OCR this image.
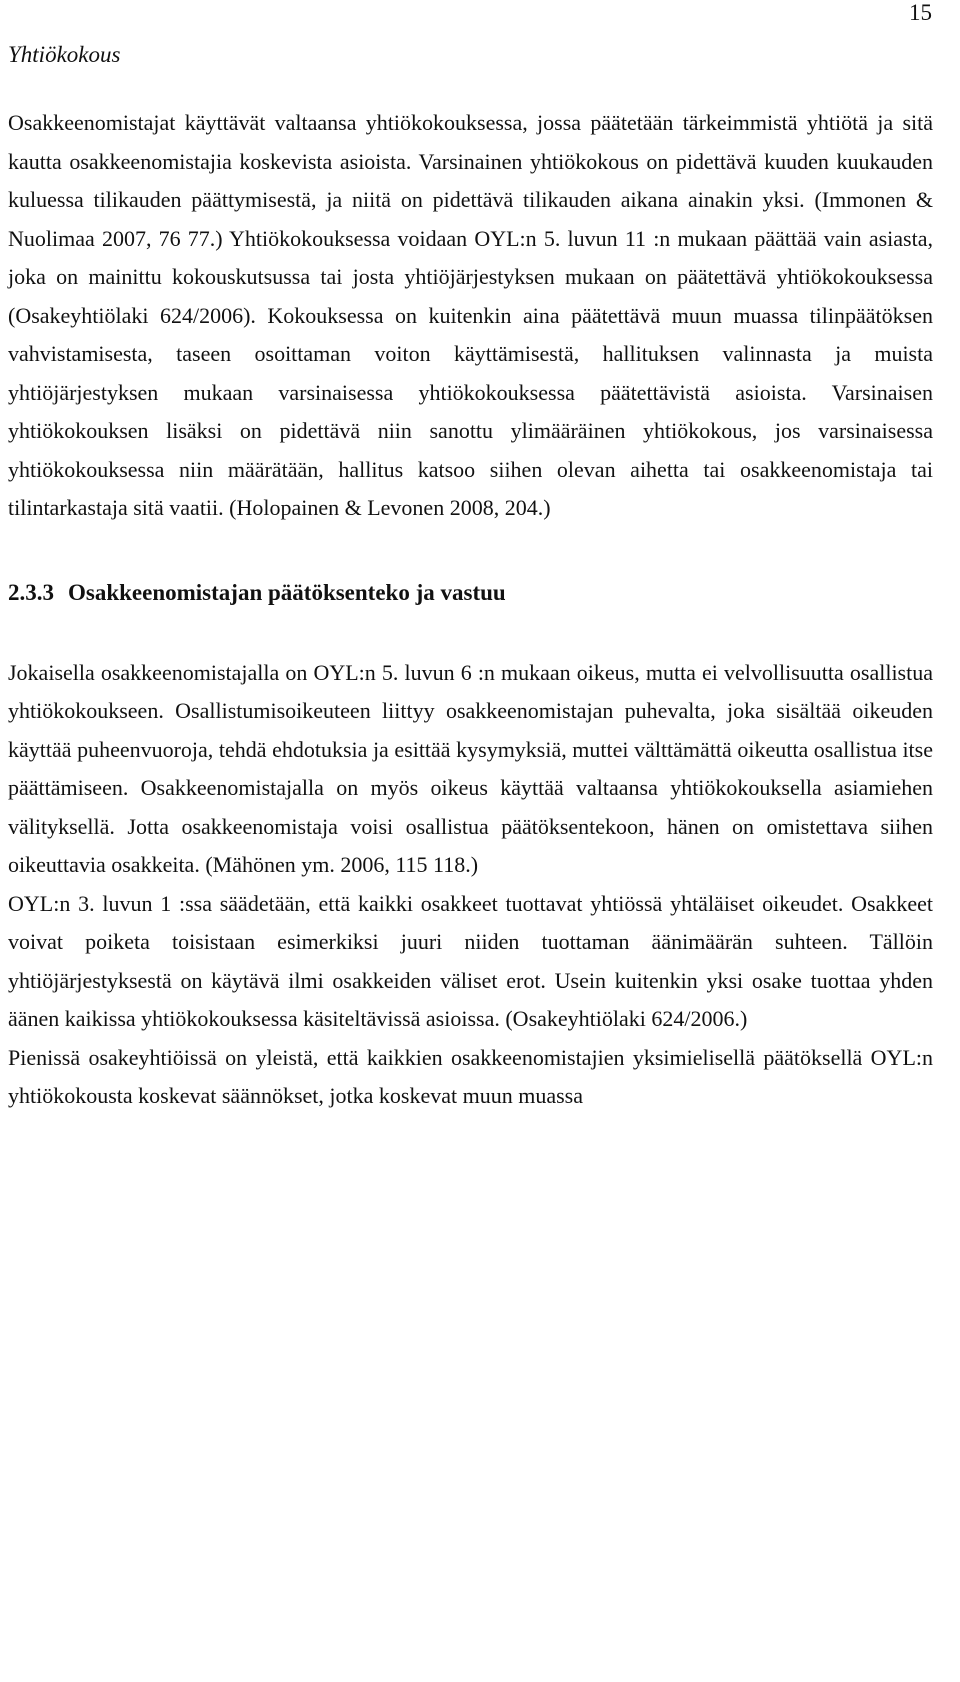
15
Yhtiökokous

Osakkeenomistajat käyttävät valtaansa yhtiökokouksessa, jossa päätetään tärkeimmistä yhtiötä ja sitä kautta osakkeenomistajia koskevista asioista. Varsinainen yhtiökokous on pidettävä kuuden kuukauden kuluessa tilikauden päättymisestä, ja niitä on pidettävä tilikauden aikana ainakin yksi. (Immonen & Nuolimaa 2007, 76 77.) Yhtiökokouksessa voidaan OYL:n 5. luvun 11 :n mukaan päättää vain asiasta, joka on mainittu kokouskutsussa tai josta yhtiöjärjestyksen mukaan on päätettävä yhtiökokouksessa (Osakeyhtiölaki 624/2006). Kokouksessa on kuitenkin aina päätettävä muun muassa tilinpäätöksen vahvistamisesta, taseen osoittaman voiton käyttämisestä, hallituksen valinnasta ja muista yhtiöjärjestyksen mukaan varsinaisessa yhtiökokouksessa päätettävistä asioista. Varsinaisen yhtiökokouksen lisäksi on pidettävä niin sanottu ylimääräinen yhtiökokous, jos varsinaisessa yhtiökokouksessa niin määrätään, hallitus katsoo siihen olevan aihetta tai osakkeenomistaja tai tilintarkastaja sitä vaatii. (Holopainen & Levonen 2008, 204.)

2.3.3 Osakkeenomistajan päätöksenteko ja vastuu

Jokaisella osakkeenomistajalla on OYL:n 5. luvun 6 :n mukaan oikeus, mutta ei velvollisuutta osallistua yhtiökokoukseen. Osallistumisoikeuteen liittyy osakkeenomistajan puhevalta, joka sisältää oikeuden käyttää puheenvuoroja, tehdä ehdotuksia ja esittää kysymyksiä, muttei välttämättä oikeutta osallistua itse päättämiseen. Osakkeenomistajalla on myös oikeus käyttää valtaansa yhtiökokouksella asiamiehen välityksellä. Jotta osakkeenomistaja voisi osallistua päätöksentekoon, hänen on omistettava siihen oikeuttavia osakkeita. (Mähönen ym. 2006, 115 118.)

OYL:n 3. luvun 1 :ssa säädetään, että kaikki osakkeet tuottavat yhtiössä yhtäläiset oikeudet. Osakkeet voivat poiketa toisistaan esimerkiksi juuri niiden tuottaman äänimäärän suhteen. Tällöin yhtiöjärjestyksestä on käytävä ilmi osakkeiden väliset erot. Usein kuitenkin yksi osake tuottaa yhden äänen kaikissa yhtiökokouksessa käsiteltävissä asioissa. (Osakeyhtiölaki 624/2006.)

Pienissä osakeyhtiöissä on yleistä, että kaikkien osakkeenomistajien yksimielisellä päätöksellä OYL:n yhtiökokousta koskevat säännökset, jotka koskevat muun muassa
